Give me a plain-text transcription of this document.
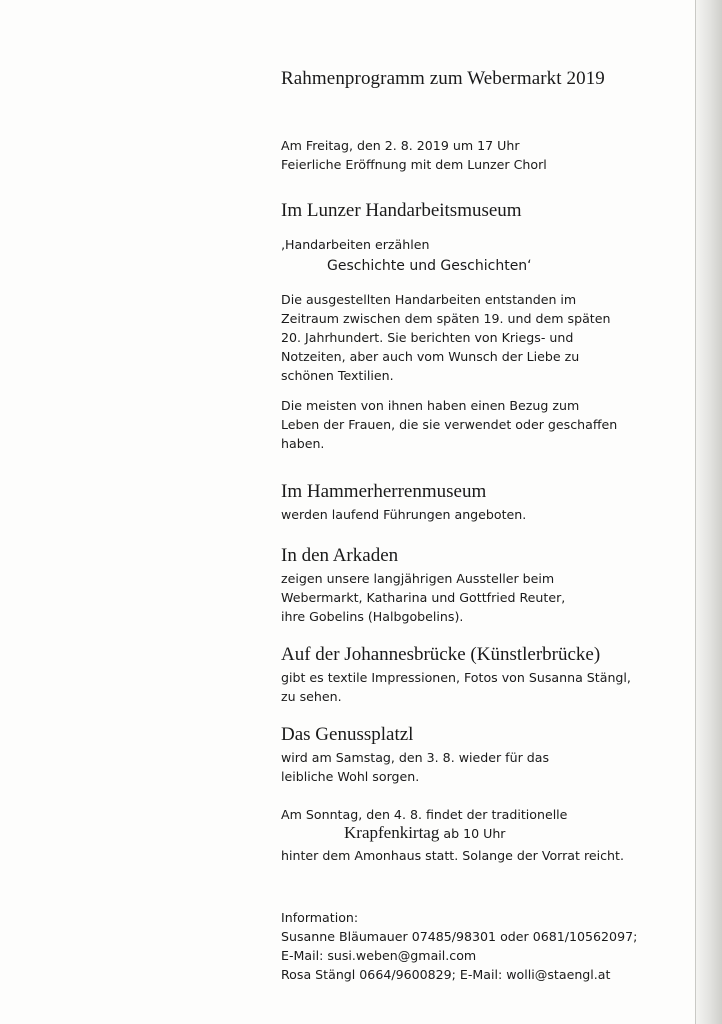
Rahmenprogramm zum Webermarkt 2019
Am Freitag, den 2. 8. 2019 um 17 Uhr
Feierliche Eröffnung mit dem Lunzer Chorl
Im Lunzer Handarbeitsmuseum
‚Handarbeiten erzählen
Geschichte und Geschichten‘
Die ausgestellten Handarbeiten entstanden im
Zeitraum zwischen dem späten 19. und dem späten
20. Jahrhundert. Sie berichten von Kriegs- und
Notzeiten, aber auch vom Wunsch der Liebe zu
schönen Textilien.
Die meisten von ihnen haben einen Bezug zum
Leben der Frauen, die sie verwendet oder geschaffen
haben.
Im Hammerherrenmuseum
werden laufend Führungen angeboten.
In den Arkaden
zeigen unsere langjährigen Aussteller beim
Webermarkt, Katharina und Gottfried Reuter,
ihre Gobelins (Halbgobelins).
Auf der Johannesbrücke (Künstlerbrücke)
gibt es textile Impressionen, Fotos von Susanna Stängl,
zu sehen.
Das Genussplatzl
wird am Samstag, den 3. 8. wieder für das
leibliche Wohl sorgen.
Am Sonntag, den 4. 8. findet der traditionelle
Krapfenkirtag ab 10 Uhr
hinter dem Amonhaus statt. Solange der Vorrat reicht.
Information:
Susanne Bläumauer 07485/98301 oder 0681/10562097;
E-Mail: susi.weben@gmail.com
Rosa Stängl 0664/9600829; E-Mail: wolli@staengl.at
